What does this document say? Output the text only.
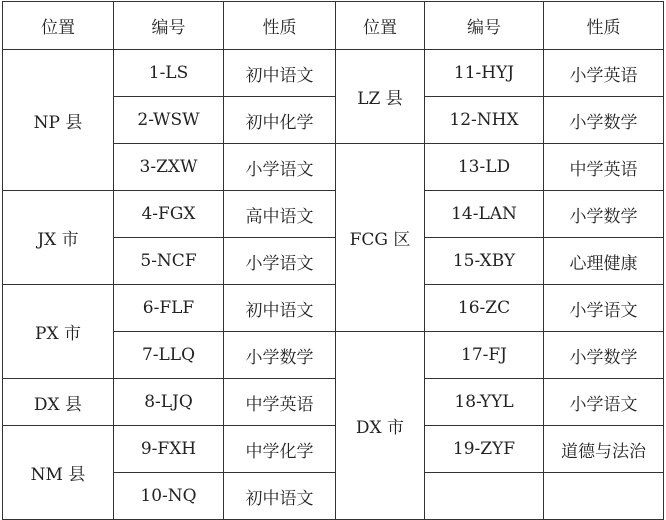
位置	编号	性质	位置	编号	性质
NP 县	1-LS	初中语文	LZ 县	11-HYJ	小学英语
	2-WSW	初中化学		12-NHX	小学数学
	3-ZXW	小学语文	FCG 区	13-LD	中学英语
JX 市	4-FGX	高中语文		14-LAN	小学数学
	5-NCF	小学语文		15-XBY	心理健康
PX 市	6-FLF	初中语文		16-ZC	小学语文
	7-LLQ	小学数学	DX 市	17-FJ	小学数学
DX 县	8-LJQ	中学英语		18-YYL	小学语文
NM 县	9-FXH	中学化学		19-ZYF	道德与法治
	10-NQ	初中语文			
